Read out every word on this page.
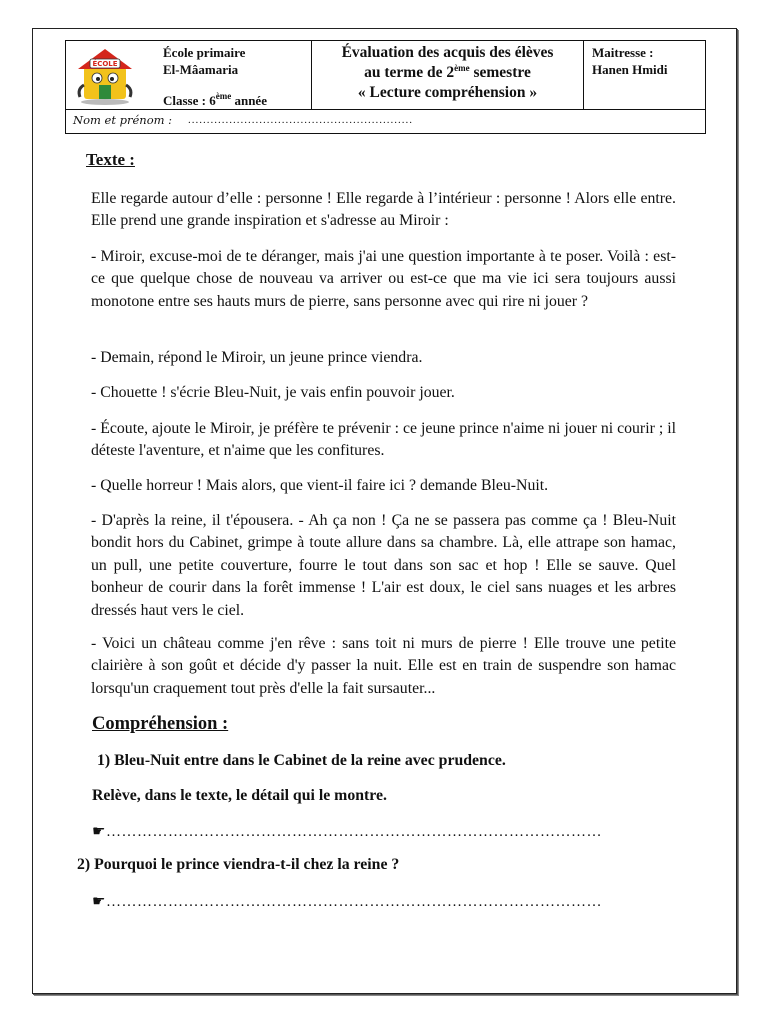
ÉCOLE
École primaire
El-Mâamaria
Classe : 6ème année
Évaluation des acquis des élèves
au terme de 2ème semestre
« Lecture compréhension »
Maitresse :
Hanen Hmidi
Nom et prénom : ............................................................
Texte :

Elle regarde autour d’elle : personne ! Elle regarde à l’intérieur : personne ! Alors elle entre. Elle prend une grande inspiration et s'adresse au Miroir :

- Miroir, excuse-moi de te déranger, mais j'ai une question importante à te poser. Voilà : est-ce que quelque chose de nouveau va arriver ou est-ce que ma vie ici sera toujours aussi monotone entre ses hauts murs de pierre, sans personne avec qui rire ni jouer ?

- Demain, répond le Miroir, un jeune prince viendra.

- Chouette ! s'écrie Bleu-Nuit, je vais enfin pouvoir jouer.

- Écoute, ajoute le Miroir, je préfère te prévenir : ce jeune prince n'aime ni jouer ni courir ; il déteste l'aventure, et n'aime que les confitures.

- Quelle horreur ! Mais alors, que vient-il faire ici ? demande Bleu-Nuit.

- D'après la reine, il t'épousera. - Ah ça non ! Ça ne se passera pas comme ça ! Bleu-Nuit bondit hors du Cabinet, grimpe à toute allure dans sa chambre. Là, elle attrape son hamac, un pull, une petite couverture, fourre le tout dans son sac et hop ! Elle se sauve. Quel bonheur de courir dans la forêt immense ! L'air est doux, le ciel sans nuages et les arbres dressés haut vers le ciel.

- Voici un château comme j'en rêve : sans toit ni murs de pierre ! Elle trouve une petite clairière à son goût et décide d'y passer la nuit. Elle est en train de suspendre son hamac lorsqu'un craquement tout près d'elle la fait sursauter...

Compréhension :
1) Bleu-Nuit entre dans le Cabinet de la reine avec prudence.
Relève, dans le texte, le détail qui le montre.
☛……………………………………………………………………………………
2) Pourquoi le prince viendra-t-il chez la reine ?
☛……………………………………………………………………………………
